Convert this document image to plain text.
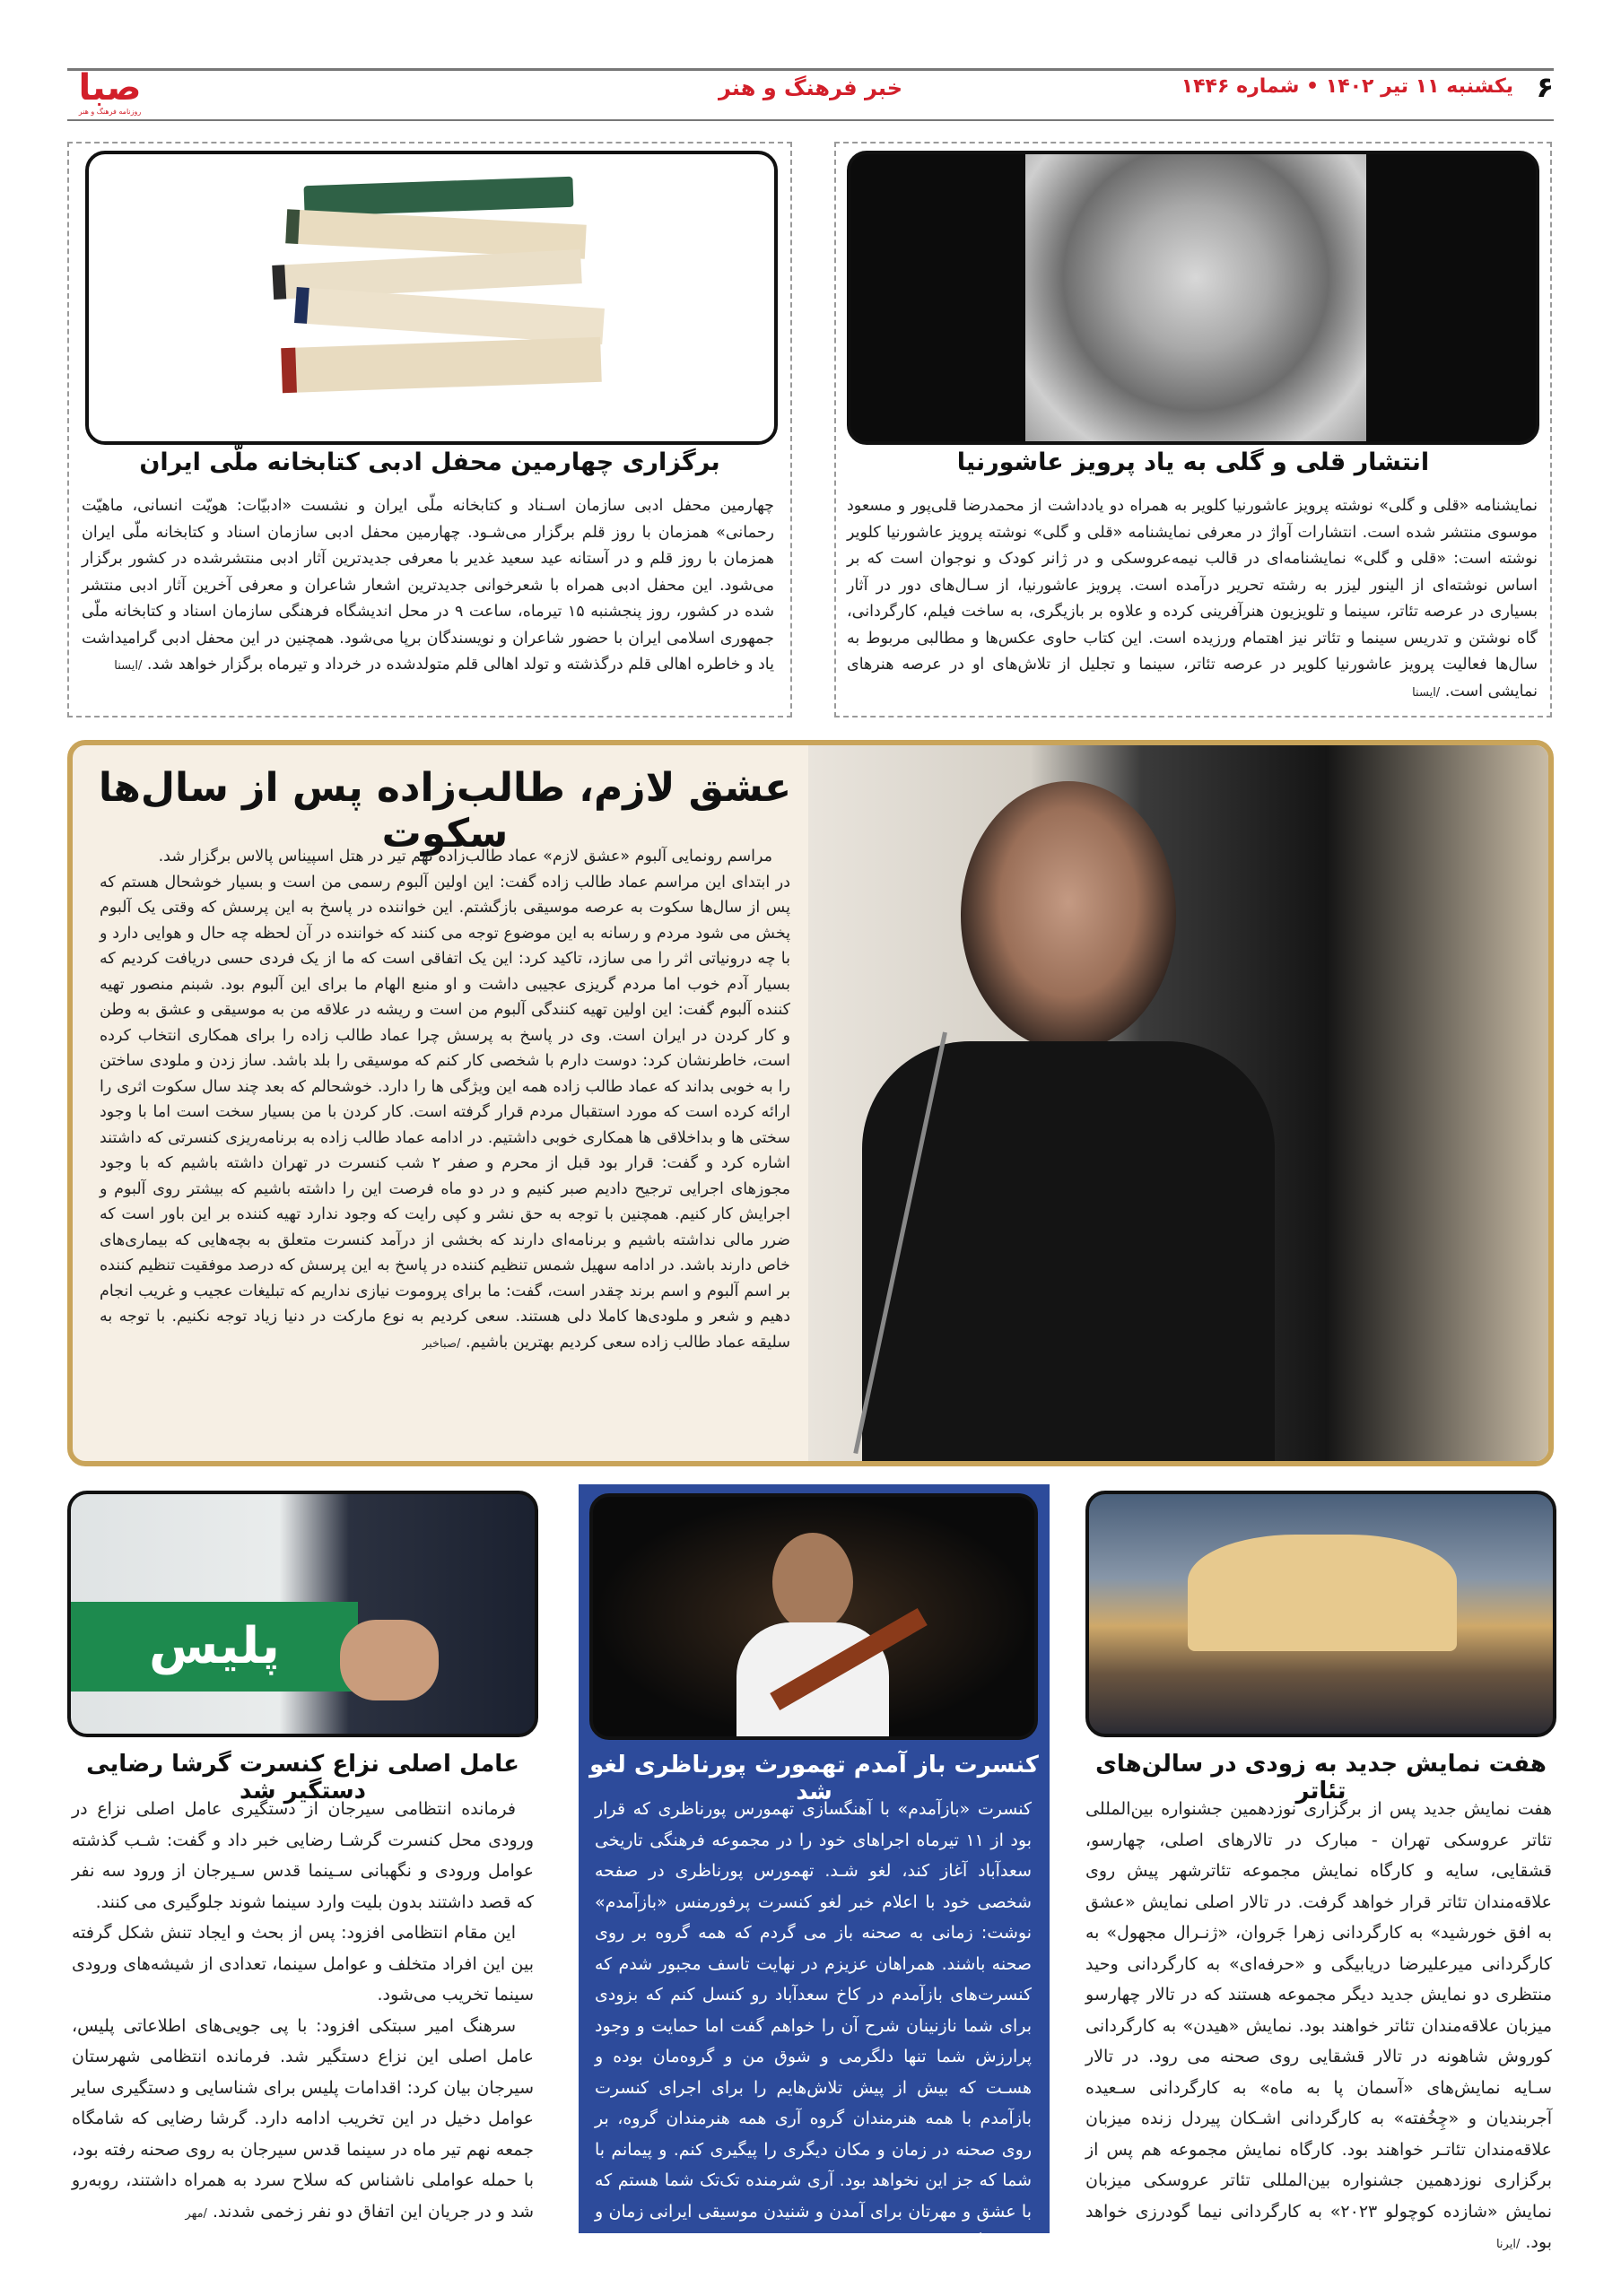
۶
یکشنبه ۱۱ تیر ۱۴۰۲ • شماره ۱۴۴۶
خبر فرهنگ و هنر
صبا
روزنامه فرهنگ و هنر
انتشار قلی و گلی به یاد پرویز عاشورنیا
نمایشنامه «قلی و گلی» نوشته پرویز عاشورنیا کلویر به همراه دو یادداشت از محمدرضا قلی‌پور و مسعود موسوی منتشر شده است. انتشارات آواژ در معرفی نمایشنامه «قلی و گلی» نوشته پرویز عاشورنیا کلویر نوشته است: «قلی و گلی» نمایشنامه‌ای در قالب نیمه‌عروسکی و در ژانر کودک و نوجوان است که بر اساس نوشته‌ای از الینور لیزر به رشته تحریر درآمده است. پرویز عاشورنیا، از سـال‌های دور در آثار بسیاری در عرصه تئاتر، سینما و تلویزیون هنرآفرینی کرده و علاوه بر بازیگری، به ساخت فیلم، کارگردانی، گاه نوشتن و تدریس سینما و تئاتر نیز اهتمام ورزیده است. این کتاب حاوی عکس‌ها و مطالبی مربوط به سال‌ها فعالیت پرویز عاشورنیا کلویر در عرصه تئاتر، سینما و تجلیل از تلاش‌های او در عرصه هنرهای نمایشی است. /ایسنا
برگزاری چهارمین محفل ادبی کتابخانه ملّی ایران
چهارمین محفل ادبی سازمان اسـناد و کتابخانه ملّی ایران و نشست «ادبیّات: هویّت انسانی، ماهیّت رحمانی» همزمان با روز قلم برگزار می‌شـود. چهارمین محفل ادبی سازمان اسناد و کتابخانه ملّی ایران همزمان با روز قلم و در آستانه عید سعید غدیر با معرفی جدیدترین آثار ادبی منتشرشده در کشور برگزار می‌شود. این محفل ادبی همراه با شعرخوانی جدیدترین اشعار شاعران و معرفی آخرین آثار ادبی منتشر شده در کشور، روز پنجشنبه ۱۵ تیرماه، ساعت ۹ در محل اندیشگاه فرهنگی سازمان اسناد و کتابخانه ملّی جمهوری اسلامی ایران با حضور شاعران و نویسندگان برپا می‌شود. همچنین در این محفل ادبی گرامیداشت یاد و خاطره اهالی قلم درگذشته و تولد اهالی قلم متولدشده در خرداد و تیرماه برگزار خواهد شد. /ایسنا
عشق لازم، طالب‌زاده پس از سال‌ها سکوت
مراسم رونمایی آلبوم «عشق لازم» عماد طالب‌زاده نهم تیر در هتل اسپیناس پالاس برگزار شد.
در ابتدای این مراسم عماد طالب زاده گفت: این اولین آلبوم رسمی من است و بسیار خوشحال هستم که پس از سال‌ها سکوت به عرصه موسیقی بازگشتم. این خواننده در پاسخ به این پرسش که وقتی یک آلبوم پخش می شود مردم و رسانه به این موضوع توجه می کنند که خواننده در آن لحظه چه حال و هوایی دارد و با چه درونیاتی اثر را می سازد، تاکید کرد: این یک اتفاقی است که ما از یک فردی حسی دریافت کردیم که بسیار آدم خوب اما مردم گریزی عجیبی داشت و او منبع الهام ما برای این آلبوم بود. شبنم منصور تهیه کننده آلبوم گفت: این اولین تهیه کنندگی آلبوم من است و ریشه در علاقه من به موسیقی و عشق به وطن و کار کردن در ایران است. وی در پاسخ به پرسش چرا عماد طالب زاده را برای همکاری انتخاب کرده است، خاطرنشان کرد: دوست دارم با شخصی کار کنم که موسیقی را بلد باشد. ساز زدن و ملودی ساختن را به خوبی بداند که عماد طالب زاده همه این ویژگی ها را دارد. خوشحالم که بعد چند سال سکوت اثری را ارائه کرده است که مورد استقبال مردم قرار گرفته است. کار کردن با من بسیار سخت است اما با وجود سختی ها و بداخلاقی ها همکاری خوبی داشتیم. در ادامه عماد طالب زاده به برنامه‌ریزی کنسرتی که داشتند اشاره کرد و گفت: قرار بود قبل از محرم و صفر ۲ شب کنسرت در تهران داشته باشیم که با وجود مجوزهای اجرایی ترجیح دادیم صبر کنیم و در دو ماه فرصت این را داشته باشیم که بیشتر روی آلبوم و اجرایش کار کنیم. همچنین با توجه به حق نشر و کپی رایت که وجود ندارد تهیه کننده بر این باور است که ضرر مالی نداشته باشیم و برنامه‌ای دارند که بخشی از درآمد کنسرت متعلق به بچه‌هایی که بیماری‌های خاص دارند باشد. در ادامه سهیل شمس تنظیم کننده در پاسخ به این پرسش که درصد موفقیت تنظیم کننده بر اسم آلبوم و اسم برند چقدر است، گفت: ما برای پروموت نیازی نداریم که تبلیغات عجیب و غریب انجام دهیم و شعر و ملودی‌ها کاملا دلی هستند. سعی کردیم به نوع مارکت در دنیا زیاد توجه نکنیم. با توجه به سلیقه عماد طالب زاده سعی کردیم بهترین باشیم. /صباخبر
هفت نمایش جدید به زودی در سالن‌های تئاتر
هفت نمایش جدید پس از برگزاری نوزدهمین جشنواره بین‌المللی تئاتر عروسکی تهران - مبارک در تالارهای اصلی، چهارسو، قشقایی، سایه و کارگاه نمایش مجموعه تئاترشهر پیش روی علاقه‌مندان تئاتر قرار خواهد گرفت. در تالار اصلی نمایش «عشق به افق خورشید» به کارگردانی زهرا جَروان، «ژنـرال مجهول» به کارگردانی میرعلیرضا دریابیگی و «حرفه‌ای» به کارگردانی وحید منتظری دو نمایش جدید دیگر مجموعه هستند که در تالار چهارسو میزبان علاقه‌مندان تئاتر خواهند بود. نمایش «هیدن» به کارگردانی کوروش شاهونه در تالار قشقایی روی صحنه می رود. در تالار سـایه نمایش‌های «آسمان پا به ماه» به کارگردانی سـعیده آجربندیان و «چِخُفته» به کارگردانی اشـکان پیردل زنده میزبان علاقه‌مندان تئاتـر خواهند بود. کارگاه نمایش مجموعه هم پس از برگزاری نوزدهمین جشنواره بین‌المللی تئاتر عروسکی میزبان نمایش «شازده کوچولو ۲۰۲۳» به کارگردانی نیما گودرزی خواهد بود. /ایرنا
کنسرت باز آمدم تهمورث پورناظری لغو شد
کنسرت «بازآمدم» با آهنگسازی تهمورس پورناظری که قرار بود از ۱۱ تیرماه اجراهای خود را در مجموعه فرهنگی تاریخی سعدآباد آغاز کند، لغو شـد. تهمورس پورناظری در صفحه شخصی خود با اعلام خبر لغو کنسرت پرفورمنس «بازآمدم» نوشت: زمانی به صحنه باز می گردم که همه گروه بر روی صحنه باشند. همراهان عزیزم در نهایت تاسف مجبور شدم که کنسرت‌های بازآمدم در کاخ سعدآباد رو کنسل کنم که بزودی برای شما نازنینان شرح آن را خواهم گفت اما حمایت و وجود پرارزش شما تنها دلگرمی و شوق من و گروه‌مان بوده و هسـت که بیش از پیش تلاش‌هایم را برای اجرای کنسرت بازآمدم با همه هنرمندان گروه آری همه هنرمندان گروه، بر روی صحنه در زمان و مکان دیگری را پیگیری کنم. و پیمانم با شما که جز این نخواهد بود. آری شرمنده تک‌تک شما هستم که با عشق و مهرتان برای آمدن و شنیدن موسیقی ایرانی زمان و انرژی گذاشتید و چنین سرخورده شدید. فرزند ایران برادر کوچکتان تهمورس. /ایرنا
پلیس
عامل اصلی نزاع کنسرت گرشا رضایی دستگیر شد
فرمانده انتظامی سیرجان از دستگیری عامل اصلی نزاع در ورودی محل کنسرت گرشـا رضایی خبر داد و گفت: شـب گذشته عوامل ورودی و نگهبانی سـینما قدس سـیرجان از ورود سه نفر که قصد داشتند بدون بلیت وارد سینما شوند جلوگیری می کنند.
این مقام انتظامی افزود: پس از بحث و ایجاد تنش شکل گرفته بین این افراد متخلف و عوامل سینما، تعدادی از شیشه‌های ورودی سینما تخریب می‌شود.
سرهنگ امیر سبتکی افزود: با پی جویی‌های اطلاعاتی پلیس، عامل اصلی این نزاع دستگیر شد. فرمانده انتظامی شهرستان سیرجان بیان کرد: اقدامات پلیس برای شناسایی و دستگیری سایر عوامل دخیل در این تخریب ادامه دارد. گرشا رضایی که شامگاه جمعه نهم تیر ماه در سینما قدس سیرجان به روی صحنه رفته بود، با حمله عواملی ناشناس که سلاح سرد به همراه داشتند، روبه‌رو شد و در جریان این اتفاق دو نفر زخمی شدند. /مهر
